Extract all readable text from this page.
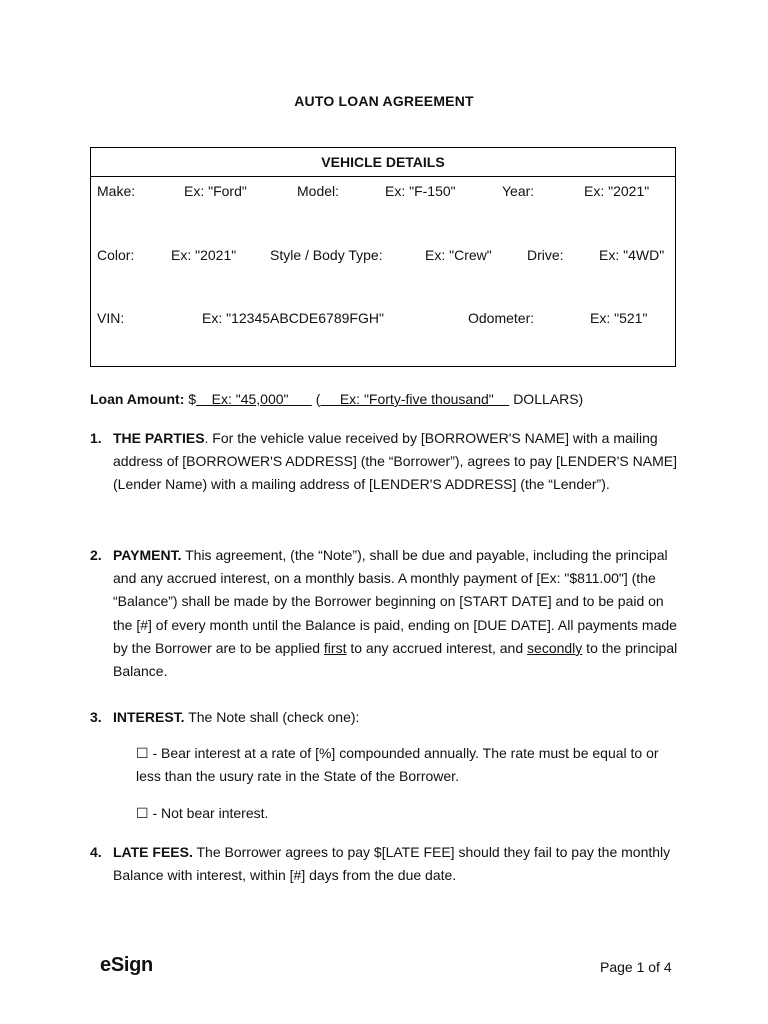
AUTO LOAN AGREEMENT
VEHICLE DETAILS
Make:	Ex: "Ford"	Model:	Ex: "F-150"	Year:	Ex: "2021"
Color:	Ex: "2021" Style / Body Type:	Ex: "Crew"	Drive:	Ex: "4WD"
VIN:	Ex: "12345ABCDE6789FGH"	Odometer:	Ex: "521"
Loan Amount: $    Ex: "45,000"       (     Ex: "Forty-five thousand"     DOLLARS)
1. THE PARTIES. For the vehicle value received by [BORROWER'S NAME] with a mailing address of [BORROWER'S ADDRESS] (the “Borrower”), agrees to pay [LENDER'S NAME] (Lender Name) with a mailing address of [LENDER'S ADDRESS] (the “Lender”).
2. PAYMENT. This agreement, (the “Note”), shall be due and payable, including the principal and any accrued interest, on a monthly basis. A monthly payment of [Ex: "$811.00"] (the “Balance”) shall be made by the Borrower beginning on [START DATE] and to be paid on the [#] of every month until the Balance is paid, ending on [DUE DATE]. All payments made by the Borrower are to be applied first to any accrued interest, and secondly to the principal Balance.
3. INTEREST. The Note shall (check one):
☐ - Bear interest at a rate of [%] compounded annually. The rate must be equal to or less than the usury rate in the State of the Borrower.
☐ - Not bear interest.
4. LATE FEES. The Borrower agrees to pay $[LATE FEE] should they fail to pay the monthly Balance with interest, within [#] days from the due date.
eSign	Page 1 of 4
